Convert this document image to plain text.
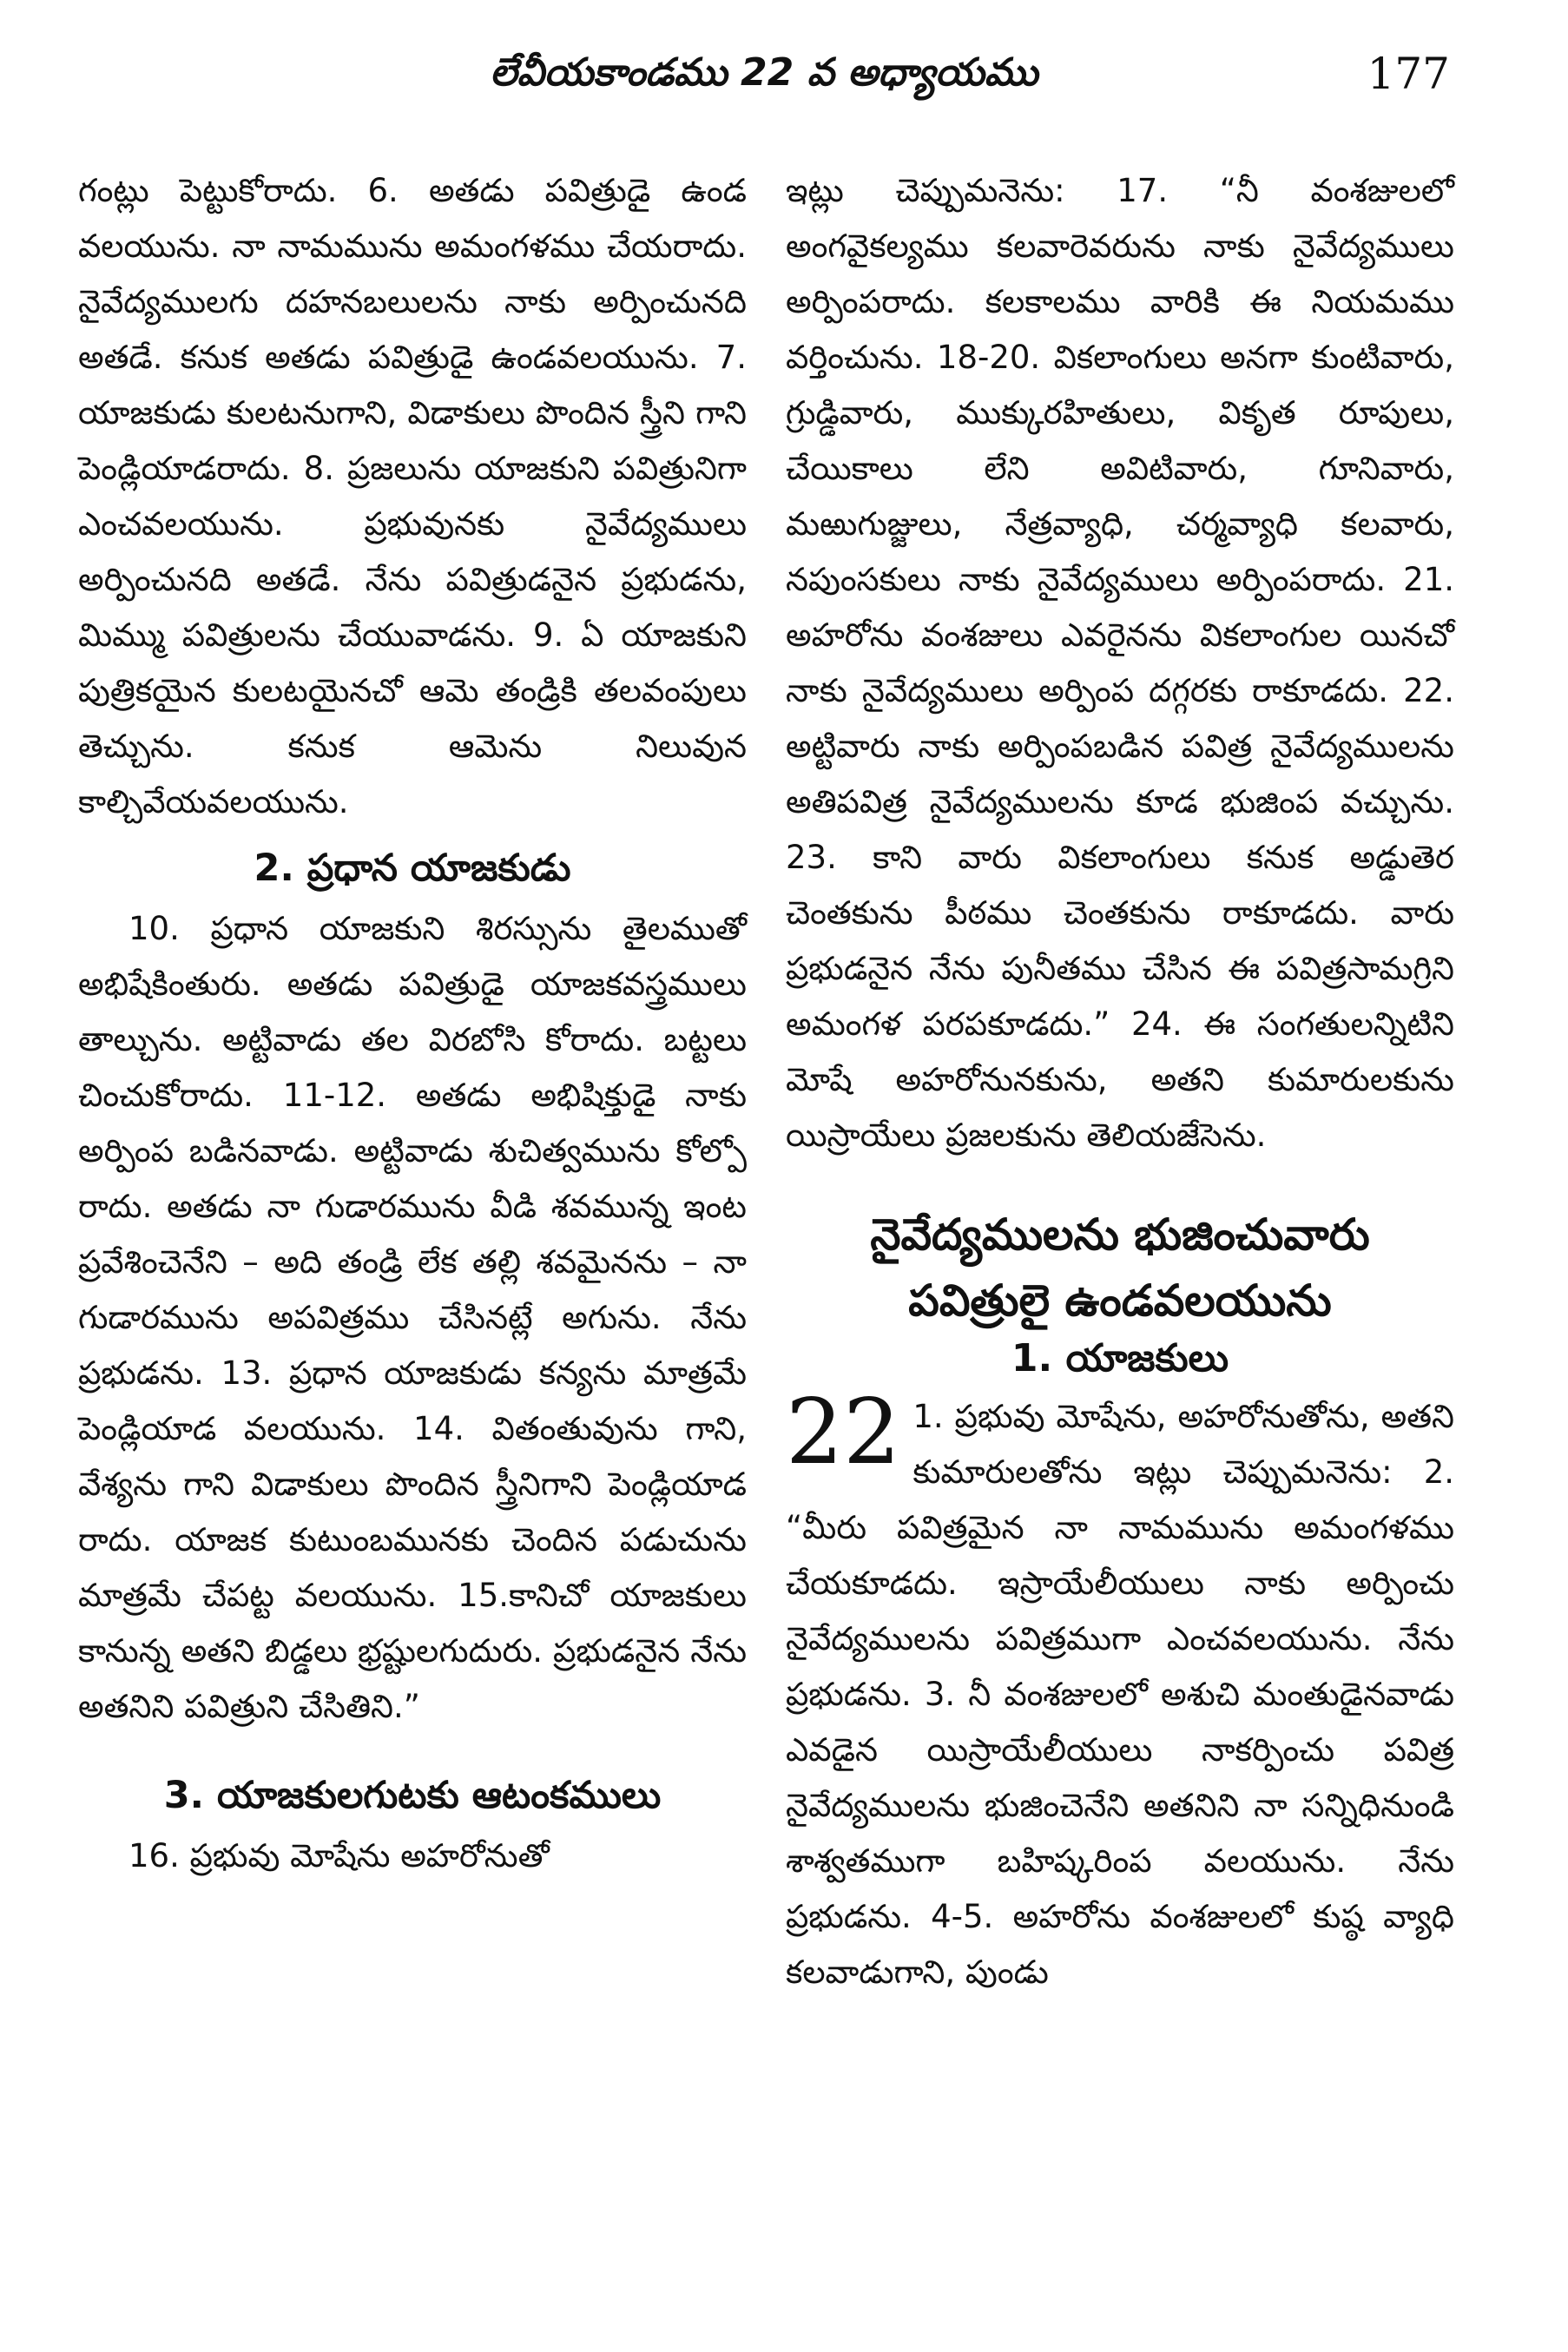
లేవీయకాండము 22 వ అధ్యాయము	177

గంట్లు పెట్టుకోరాదు. 6. అతడు పవిత్రుడై ఉండ వలయును. నా నామమును అమంగళము చేయరాదు. నైవేద్యములగు దహనబలులను నాకు అర్పించునది అతడే. కనుక అతడు పవిత్రుడై ఉండవలయును. 7. యాజకుడు కులటనుగాని, విడాకులు పొందిన స్త్రీని గాని పెండ్లియాడరాదు. 8. ప్రజలును యాజకుని పవిత్రునిగా ఎంచవలయును. ప్రభువునకు నైవేద్యములు అర్పించునది అతడే. నేను పవిత్రుడనైన ప్రభుడను, మిమ్ము పవిత్రులను చేయువాడను. 9. ఏ యాజకుని పుత్రికయైన కులటయైనచో ఆమె తండ్రికి తలవంపులు తెచ్చును. కనుక ఆమెను నిలువున కాల్చివేయవలయును.

2. ప్రధాన యాజకుడు

10. ప్రధాన యాజకుని శిరస్సును తైలముతో అభిషేకింతురు. అతడు పవిత్రుడై యాజకవస్త్రములు తాల్చును. అట్టివాడు తల విరబోసి కోరాదు. బట్టలు చించుకోరాదు. 11-12. అతడు అభిషిక్తుడై నాకు అర్పింప బడినవాడు. అట్టివాడు శుచిత్వమును కోల్పో రాదు. అతడు నా గుడారమును వీడి శవమున్న ఇంట ప్రవేశించెనేని – అది తండ్రి లేక తల్లి శవమైనను – నా గుడారమును అపవిత్రము చేసినట్లే అగును. నేను ప్రభుడను. 13. ప్రధాన యాజకుడు కన్యను మాత్రమే పెండ్లియాడ వలయును. 14. వితంతువును గాని, వేశ్యను గాని విడాకులు పొందిన స్త్రీనిగాని పెండ్లియాడ రాదు. యాజక కుటుంబమునకు చెందిన పడుచును మాత్రమే చేపట్ట వలయును. 15.కానిచో యాజకులు కానున్న అతని బిడ్డలు భ్రష్టులగుదురు. ప్రభుడనైన నేను అతనిని పవిత్రుని చేసితిని.”

3. యాజకులగుటకు ఆటంకములు

16. ప్రభువు మోషేను అహరోనుతో

ఇట్లు చెప్పుమనెను: 17. “నీ వంశజులలో అంగవైకల్యము కలవారెవరును నాకు నైవేద్యములు అర్పింపరాదు. కలకాలము వారికి ఈ నియమము వర్తించును. 18-20. వికలాంగులు అనగా కుంటివారు, గ్రుడ్డివారు, ముక్కురహితులు, వికృత రూపులు, చేయికాలు లేని అవిటివారు, గూనివారు, మఱుగుజ్జులు, నేత్రవ్యాధి, చర్మవ్యాధి కలవారు, నపుంసకులు నాకు నైవేద్యములు అర్పింపరాదు. 21. అహరోను వంశజులు ఎవరైనను వికలాంగుల యినచో నాకు నైవేద్యములు అర్పింప దగ్గరకు రాకూడదు. 22. అట్టివారు నాకు అర్పింపబడిన పవిత్ర నైవేద్యములను అతిపవిత్ర నైవేద్యములను కూడ భుజింప వచ్చును. 23. కాని వారు వికలాంగులు కనుక అడ్డుతెర చెంతకును పీఠము చెంతకును రాకూడదు. వారు ప్రభుడనైన నేను పునీతము చేసిన ఈ పవిత్రసామగ్రిని అమంగళ పరపకూడదు.” 24. ఈ సంగతులన్నిటిని మోషే అహరోనునకును, అతని కుమారులకును యిస్రాయేలు ప్రజలకును తెలియజేసెను.

నైవేద్యములను భుజించువారు
పవిత్రులై ఉండవలయును
1. యాజకులు
22 1. ప్రభువు మోషేను, అహరోనుతోను, అతని కుమారులతోను ఇట్లు చెప్పుమనెను: 2. “మీరు పవిత్రమైన నా నామమును అమంగళము చేయకూడదు. ఇస్రాయేలీయులు నాకు అర్పించు నైవేద్యములను పవిత్రముగా ఎంచవలయును. నేను ప్రభుడను. 3. నీ వంశజులలో అశుచి మంతుడైనవాడు ఎవడైన యిస్రాయేలీయులు నాకర్పించు పవిత్ర నైవేద్యములను భుజించెనేని అతనిని నా సన్నిధినుండి శాశ్వతముగా బహిష్కరింప వలయును. నేను ప్రభుడను. 4-5. అహరోను వంశజులలో కుష్ఠ వ్యాధి కలవాడుగాని, పుండు
